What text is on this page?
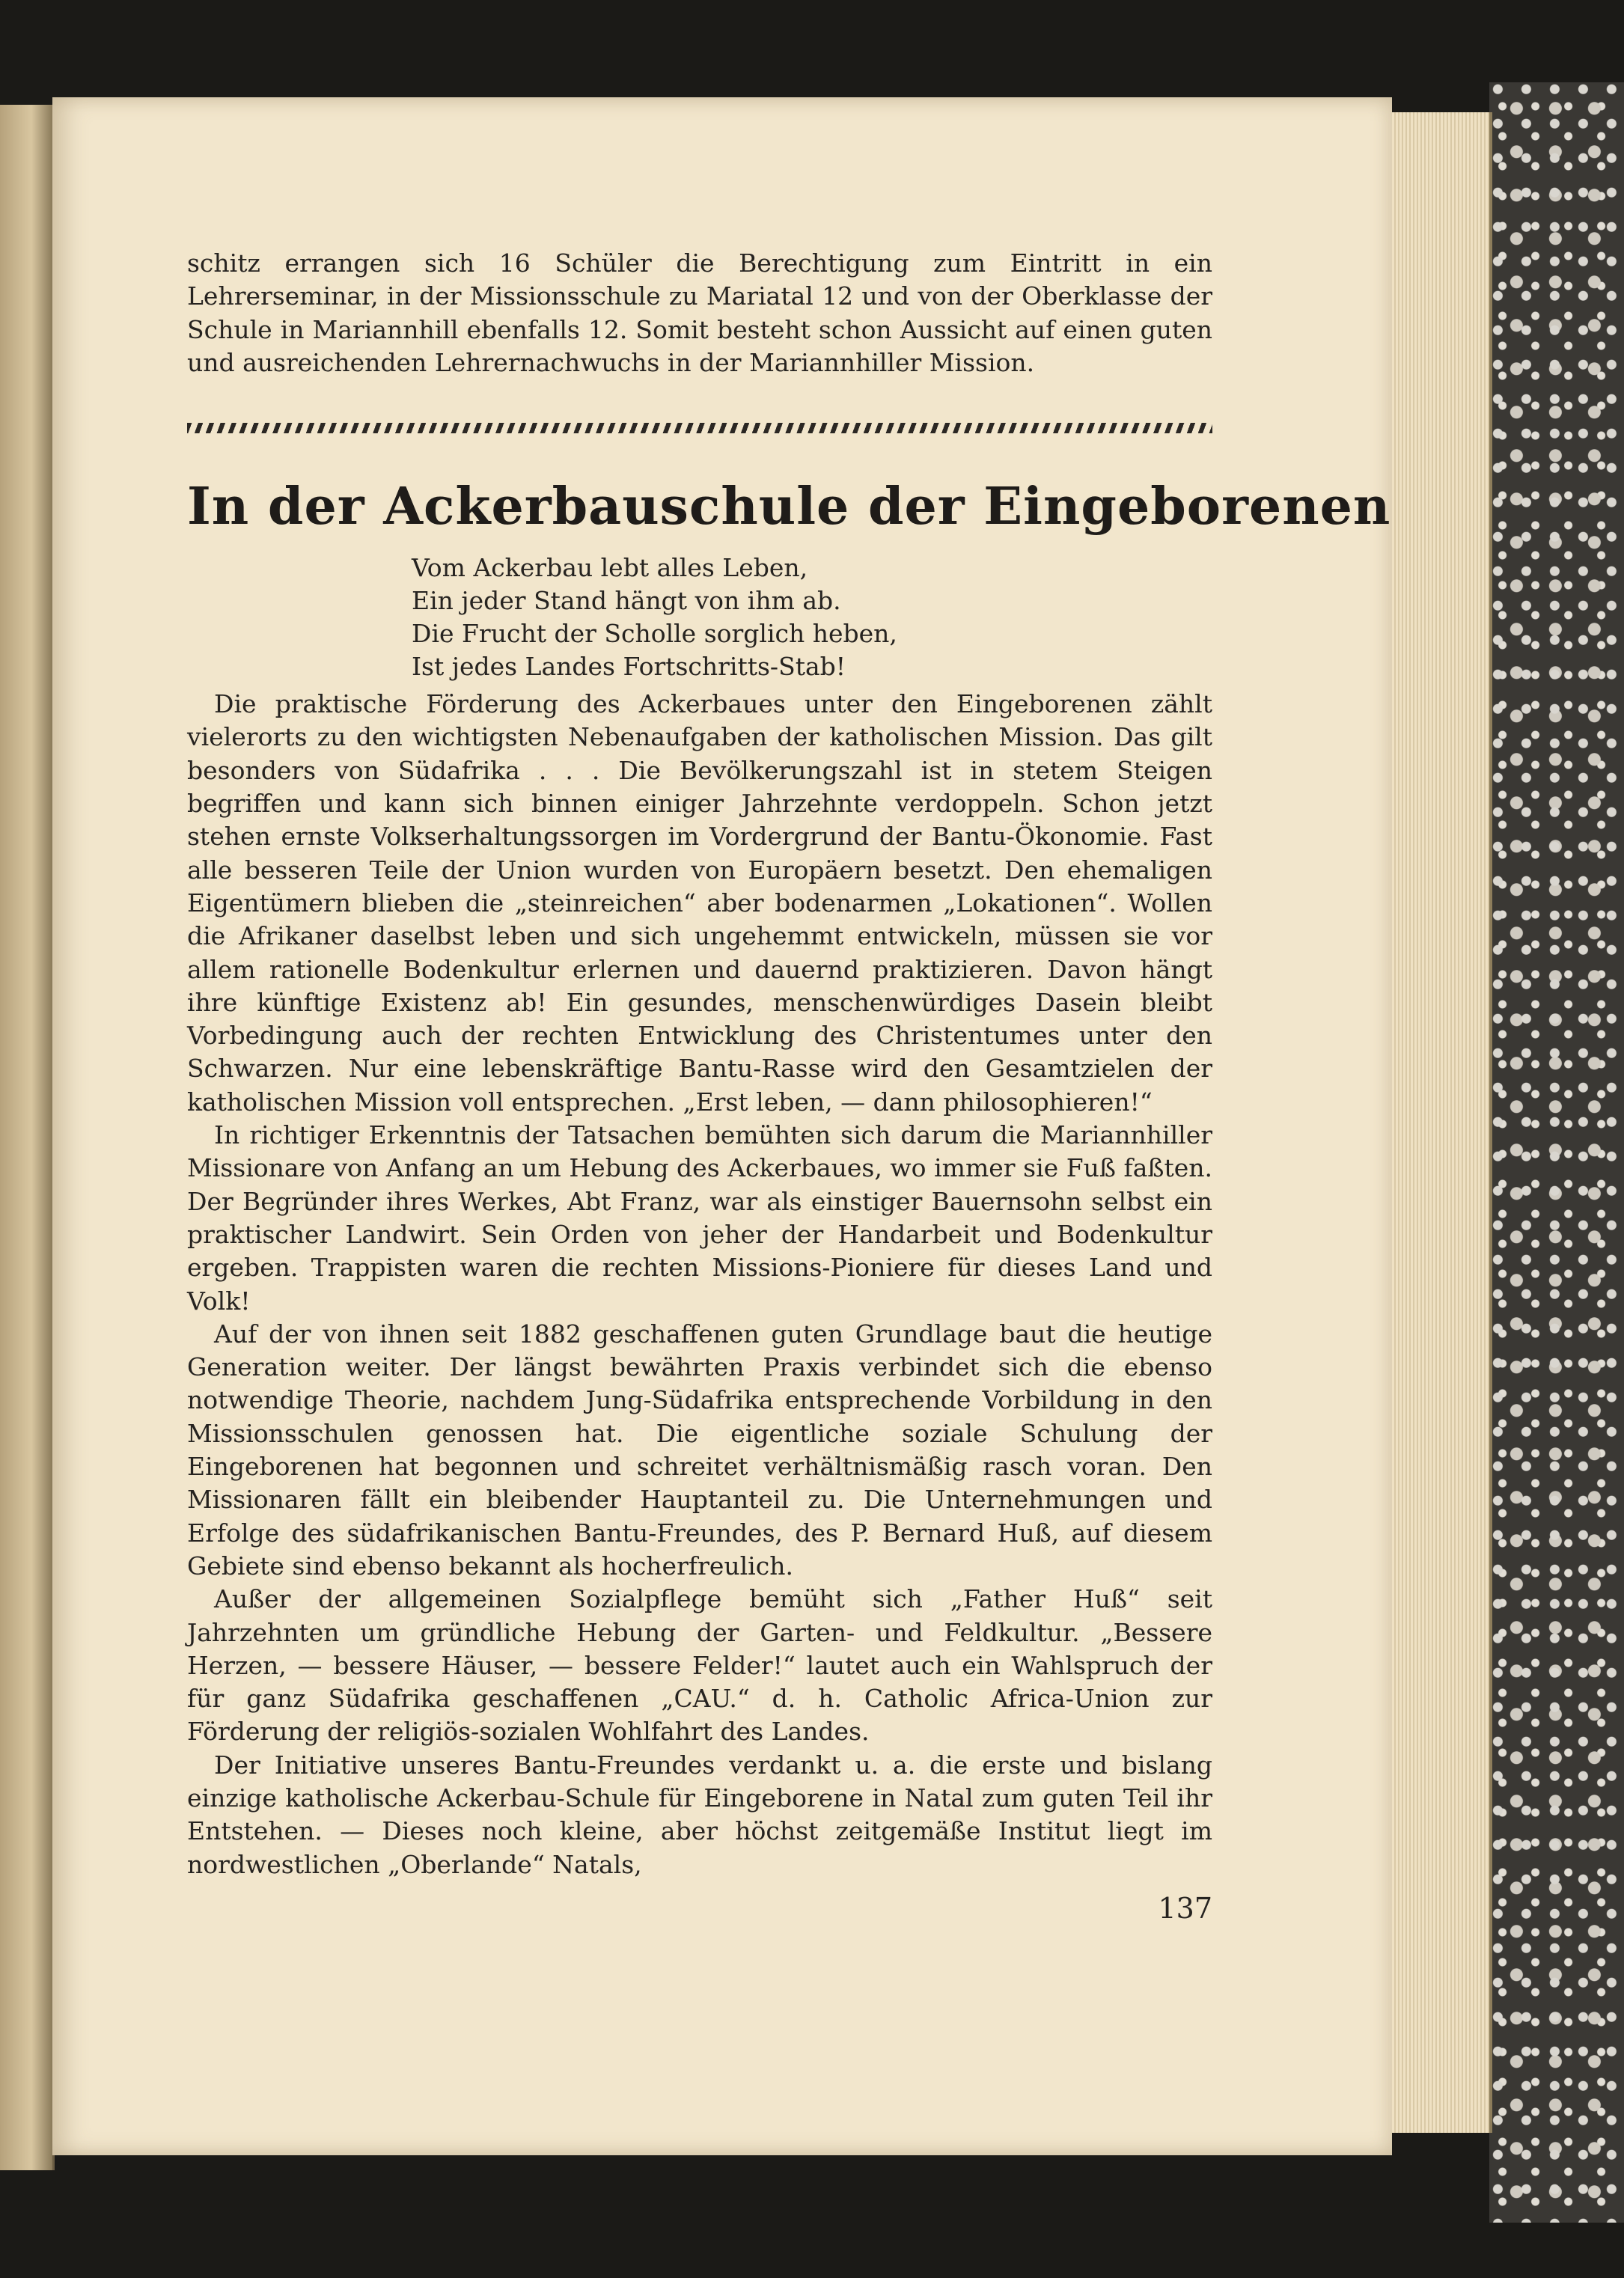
schitz errangen sich 16 Schüler die Berechtigung zum Eintritt in ein Lehrerseminar, in der Missionsschule zu Mariatal 12 und von der Oberklasse der Schule in Mariannhill ebenfalls 12. Somit besteht schon Aussicht auf einen guten und ausreichenden Lehrernachwuchs in der Mariannhiller Mission.

In der Ackerbauschule der Eingeborenen
Vom Ackerbau lebt alles Leben,
Ein jeder Stand hängt von ihm ab.
Die Frucht der Scholle sorglich heben,
Ist jedes Landes Fortschritts-Stab!

Die praktische Förderung des Ackerbaues unter den Eingeborenen zählt vielerorts zu den wichtigsten Nebenaufgaben der katholischen Mission. Das gilt besonders von Südafrika . . . Die Bevölkerungszahl ist in stetem Steigen begriffen und kann sich binnen einiger Jahrzehnte verdoppeln. Schon jetzt stehen ernste Volkserhaltungssorgen im Vordergrund der Bantu-Ökonomie. Fast alle besseren Teile der Union wurden von Europäern besetzt. Den ehemaligen Eigentümern blieben die „steinreichen“ aber bodenarmen „Lokationen“. Wollen die Afrikaner daselbst leben und sich ungehemmt entwickeln, müssen sie vor allem rationelle Bodenkultur erlernen und dauernd praktizieren. Davon hängt ihre künftige Existenz ab! Ein gesundes, menschenwürdiges Dasein bleibt Vorbedingung auch der rechten Entwicklung des Christentumes unter den Schwarzen. Nur eine lebenskräftige Bantu-Rasse wird den Gesamtzielen der katholischen Mission voll entsprechen. „Erst leben, — dann philosophieren!“

In richtiger Erkenntnis der Tatsachen bemühten sich darum die Mariannhiller Missionare von Anfang an um Hebung des Ackerbaues, wo immer sie Fuß faßten. Der Begründer ihres Werkes, Abt Franz, war als einstiger Bauernsohn selbst ein praktischer Landwirt. Sein Orden von jeher der Handarbeit und Bodenkultur ergeben. Trappisten waren die rechten Missions-Pioniere für dieses Land und Volk!

Auf der von ihnen seit 1882 geschaffenen guten Grundlage baut die heutige Generation weiter. Der längst bewährten Praxis verbindet sich die ebenso notwendige Theorie, nachdem Jung-Südafrika entsprechende Vorbildung in den Missionsschulen genossen hat. Die eigentliche soziale Schulung der Eingeborenen hat begonnen und schreitet verhältnismäßig rasch voran. Den Missionaren fällt ein bleibender Hauptanteil zu. Die Unternehmungen und Erfolge des südafrikanischen Bantu-Freundes, des P. Bernard Huß, auf diesem Gebiete sind ebenso bekannt als hocherfreulich.

Außer der allgemeinen Sozialpflege bemüht sich „Father Huß“ seit Jahrzehnten um gründliche Hebung der Garten- und Feldkultur. „Bessere Herzen, — bessere Häuser, — bessere Felder!“ lautet auch ein Wahlspruch der für ganz Südafrika geschaffenen „CAU.“ d. h. Catholic Africa-Union zur Förderung der religiös-sozialen Wohlfahrt des Landes.

Der Initiative unseres Bantu-Freundes verdankt u. a. die erste und bislang einzige katholische Ackerbau-Schule für Eingeborene in Natal zum guten Teil ihr Entstehen. — Dieses noch kleine, aber höchst zeitgemäße Institut liegt im nordwestlichen „Oberlande“ Natals,

137
